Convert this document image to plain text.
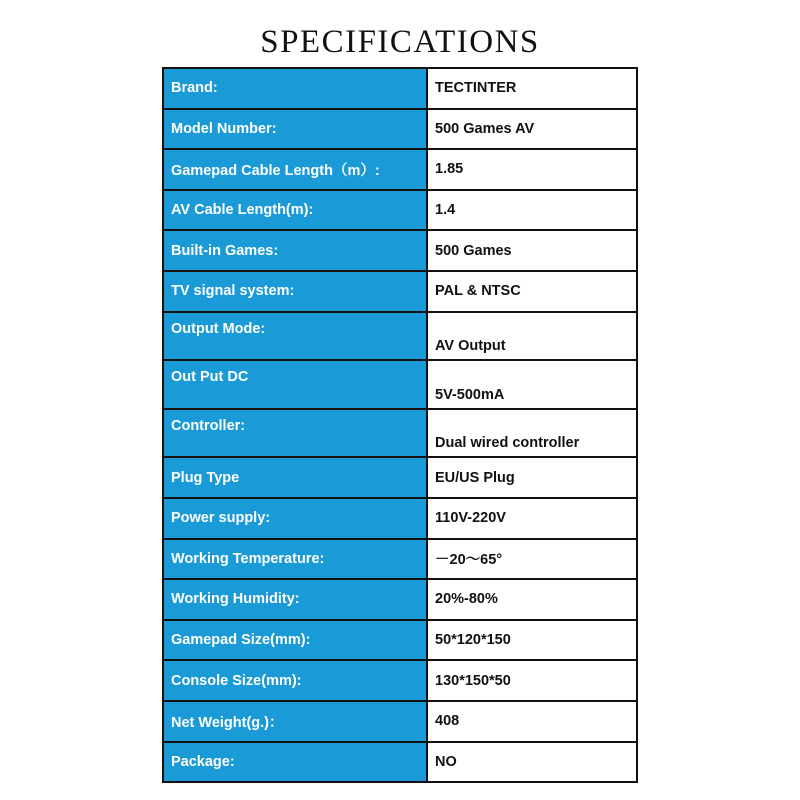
SPECIFICATIONS
Brand:	TECTINTER
Model Number:	500 Games AV
Gamepad Cable Length（m）:	1.85
AV Cable Length(m):	1.4
Built-in Games:	500 Games
TV signal system:	PAL & NTSC
Output Mode:	AV Output
Out Put DC	5V-500mA
Controller:	Dual wired controller
Plug Type	EU/US Plug
Power supply:	110V-220V
Working Temperature:	－20～65°
Working Humidity:	20%-80%
Gamepad Size(mm):	50*120*150
Console Size(mm):	130*150*50
Net Weight(g.)：	408
Package:	NO
